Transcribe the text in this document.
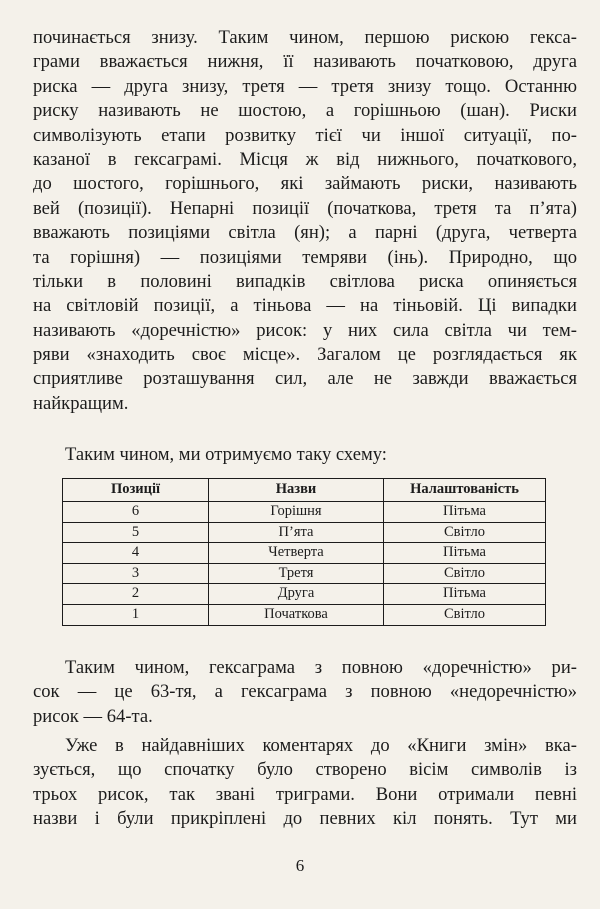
починається знизу. Таким чином, першою рискою гекса-
грами вважається нижня, її називають початковою, друга
риска — друга знизу, третя — третя знизу тощо. Останню
риску називають не шостою, а горішньою (шан). Риски
символізують етапи розвитку тієї чи іншої ситуації, по-
казаної в гексаграмі. Місця ж від нижнього, початкового,
до шостого, горішнього, які займають риски, називають
вей (позиції). Непарні позиції (початкова, третя та п’ята)
вважають позиціями світла (ян); а парні (друга, четверта
та горішня) — позиціями темряви (інь). Природно, що
тільки в половині випадків світлова риска опиняється
на світловій позиції, а тіньова — на тіньовій. Ці випадки
називають «доречністю» рисок: у них сила світла чи тем-
ряви «знаходить своє місце». Загалом це розглядається як
сприятливе розташування сил, але не завжди вважається
найкращим.
Таким чином, ми отримуємо таку схему:
Позиції	Назви	Налаштованість
6	Горішня	Пітьма
5	П’ята	Світло
4	Четверта	Пітьма
3	Третя	Світло
2	Друга	Пітьма
1	Початкова	Світло
Таким чином, гексаграма з повною «доречністю» ри-
сок — це 63-тя, а гексаграма з повною «недоречністю»
рисок — 64-та.
Уже в найдавніших коментарях до «Книги змін» вка-
зується, що спочатку було створено вісім символів із
трьох рисок, так звані триграми. Вони отримали певні
назви і були прикріплені до певних кіл понять. Тут ми
6
